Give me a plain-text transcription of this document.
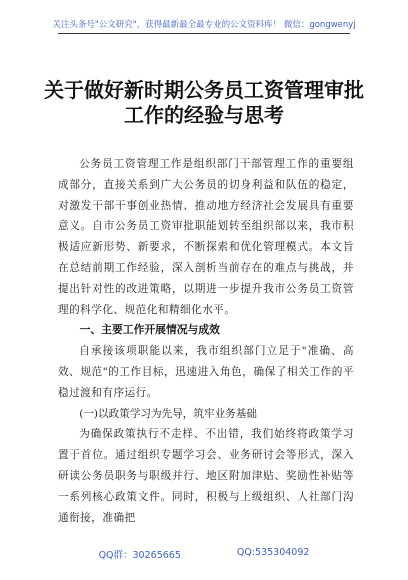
关注头条号"公文研究"，获得最新最全最专业的公文资料库！ 微信：gongwenyj
关于做好新时期公务员工资管理审批
工作的经验与思考

公务员工资管理工作是组织部门干部管理工作的重要组成部分，直接关系到广大公务员的切身利益和队伍的稳定，对激发干部干事创业热情、推动地方经济社会发展具有重要意义。自市公务员工资审批职能划转至组织部以来，我市积极适应新形势、新要求，不断探索和优化管理模式。本文旨在总结前期工作经验，深入剖析当前存在的难点与挑战，并提出针对性的改进策略，以期进一步提升我市公务员工资管理的科学化、规范化和精细化水平。

一、主要工作开展情况与成效

自承接该项职能以来，我市组织部门立足于"准确、高效、规范"的工作目标，迅速进入角色，确保了相关工作的平稳过渡和有序运行。

(一)以政策学习为先导，筑牢业务基础

为确保政策执行不走样、不出错，我们始终将政策学习置于首位。通过组织专题学习会、业务研讨会等形式，深入研读公务员职务与职级并行、地区附加津贴、奖励性补贴等一系列核心政策文件。同时，积极与上级组织、人社部门沟通衔接，准确把

QQ群：30265665	QQ:535304092
